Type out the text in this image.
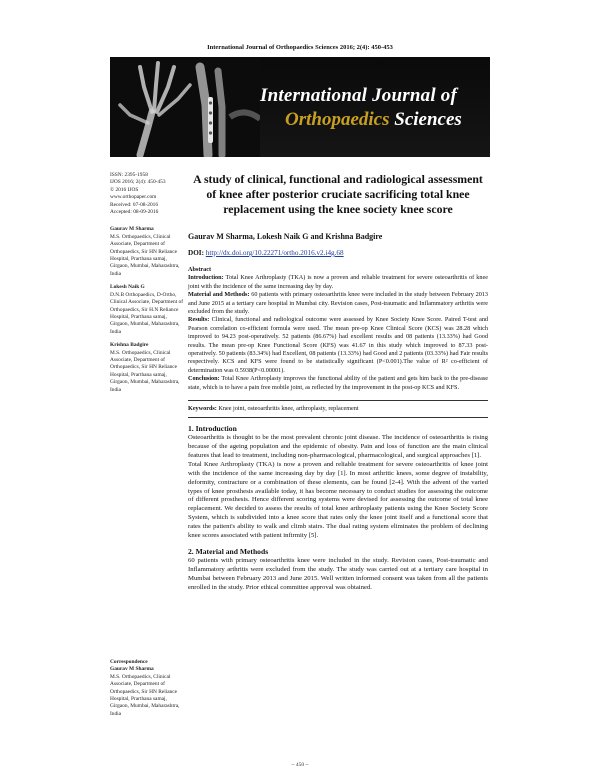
International Journal of Orthopaedics Sciences 2016; 2(4): 450-453
International Journal of
Orthopaedics Sciences
ISSN: 2395-1958
IJOS 2016; 2(4): 450-453
© 2016 IJOS
www.orthopaper.com
Received: 07-08-2016
Accepted: 08-09-2016
Gaurav M Sharma
M.S. Orthopaedics, Clinical Associate, Department of Orthopaedics, Sir HN Reliance Hospital, Prarthana samaj, Girgaon, Mumbai, Maharashtra, India
Lokesh Naik G
D.N.B Orthopaedics, D-Ortho, Clinical Associate, Department of Orthopaedics, Sir H.N Reliance Hospital, Prarthana samaj, Girgaon, Mumbai, Maharashtra, India
Krishna Badgire
M.S. Orthopaedics, Clinical Associate, Department of Orthopaedics, Sir HN Reliance Hospital, Prarthana samaj, Girgaon, Mumbai, Maharashtra, India
Correspondence
Gaurav M Sharma
M.S. Orthopaedics, Clinical Associate, Department of Orthopaedics, Sir HN Reliance Hospital, Prarthana samaj, Girgaon, Mumbai, Maharashtra, India
A study of clinical, functional and radiological assessment of knee after posterior cruciate sacrificing total knee replacement using the knee society knee score
Gaurav M Sharma, Lokesh Naik G and Krishna Badgire
DOI: http://dx.doi.org/10.22271/ortho.2016.v2.i4g.68

Abstract

Introduction: Total Knee Arthroplasty (TKA) is now a proven and reliable treatment for severe osteoarthritis of knee joint with the incidence of the same increasing day by day.

Material and Methods: 60 patients with primary osteoarthritis knee were included in the study between February 2013 and June 2015 at a tertiary care hospital in Mumbai city. Revision cases, Post-traumatic and Inflammatory arthritis were excluded from the study.

Results: Clinical, functional and radiological outcome were assessed by Knee Society Knee Score. Paired T-test and Pearson correlation co-efficient formula were used. The mean pre-op Knee Clinical Score (KCS) was 28.28 which improved to 94.23 post-operatively. 52 patients (86.67%) had excellent results and 08 patients (13.33%) had Good results. The mean pre-op Knee Functional Score (KFS) was 41.67 in this study which improved to 87.33 post-operatively. 50 patients (83.34%) had Excellent, 08 patients (13.33%) had Good and 2 patients (03.33%) had Fair results respectively. KCS and KFS were found to be statistically significant (P<0.001).The value of R² co-efficient of determination was 0.5938(P<0.00001).

Conclusion: Total Knee Arthroplasty improves the functional ability of the patient and gets him back to the pre-disease state, which is to have a pain free mobile joint, as reflected by the improvement in the post-op KCS and KFS.

Keywords: Knee joint, osteoarthritis knee, arthroplasty, replacement
1. Introduction

Osteoarthritis is thought to be the most prevalent chronic joint disease. The incidence of osteoarthritis is rising because of the ageing population and the epidemic of obesity. Pain and loss of function are the main clinical features that lead to treatment, including non-pharmacological, pharmacological, and surgical approaches [1].

Total Knee Arthroplasty (TKA) is now a proven and reliable treatment for severe osteoarthritis of knee joint with the incidence of the same increasing day by day [1]. In most arthritic knees, some degree of instability, deformity, contracture or a combination of these elements, can be found [2-4]. With the advent of the varied types of knee prosthesis available today, it has become necessary to conduct studies for assessing the outcome of different prosthesis. Hence different scoring systems were devised for assessing the outcome of total knee replacement. We decided to assess the results of total knee arthroplasty patients using the Knee Society Score System, which is subdivided into a knee score that rates only the knee joint itself and a functional score that rates the patient's ability to walk and climb stairs. The dual rating system eliminates the problem of declining knee scores associated with patient infirmity [5].

2. Material and Methods

60 patients with primary osteoarthritis knee were included in the study. Revision cases, Post-traumatic and Inflammatory arthritis were excluded from the study. The study was carried out at a tertiary care hospital in Mumbai between February 2013 and June 2015. Well written informed consent was taken from all the patients enrolled in the study. Prior ethical committee approval was obtained.

~ 450 ~
